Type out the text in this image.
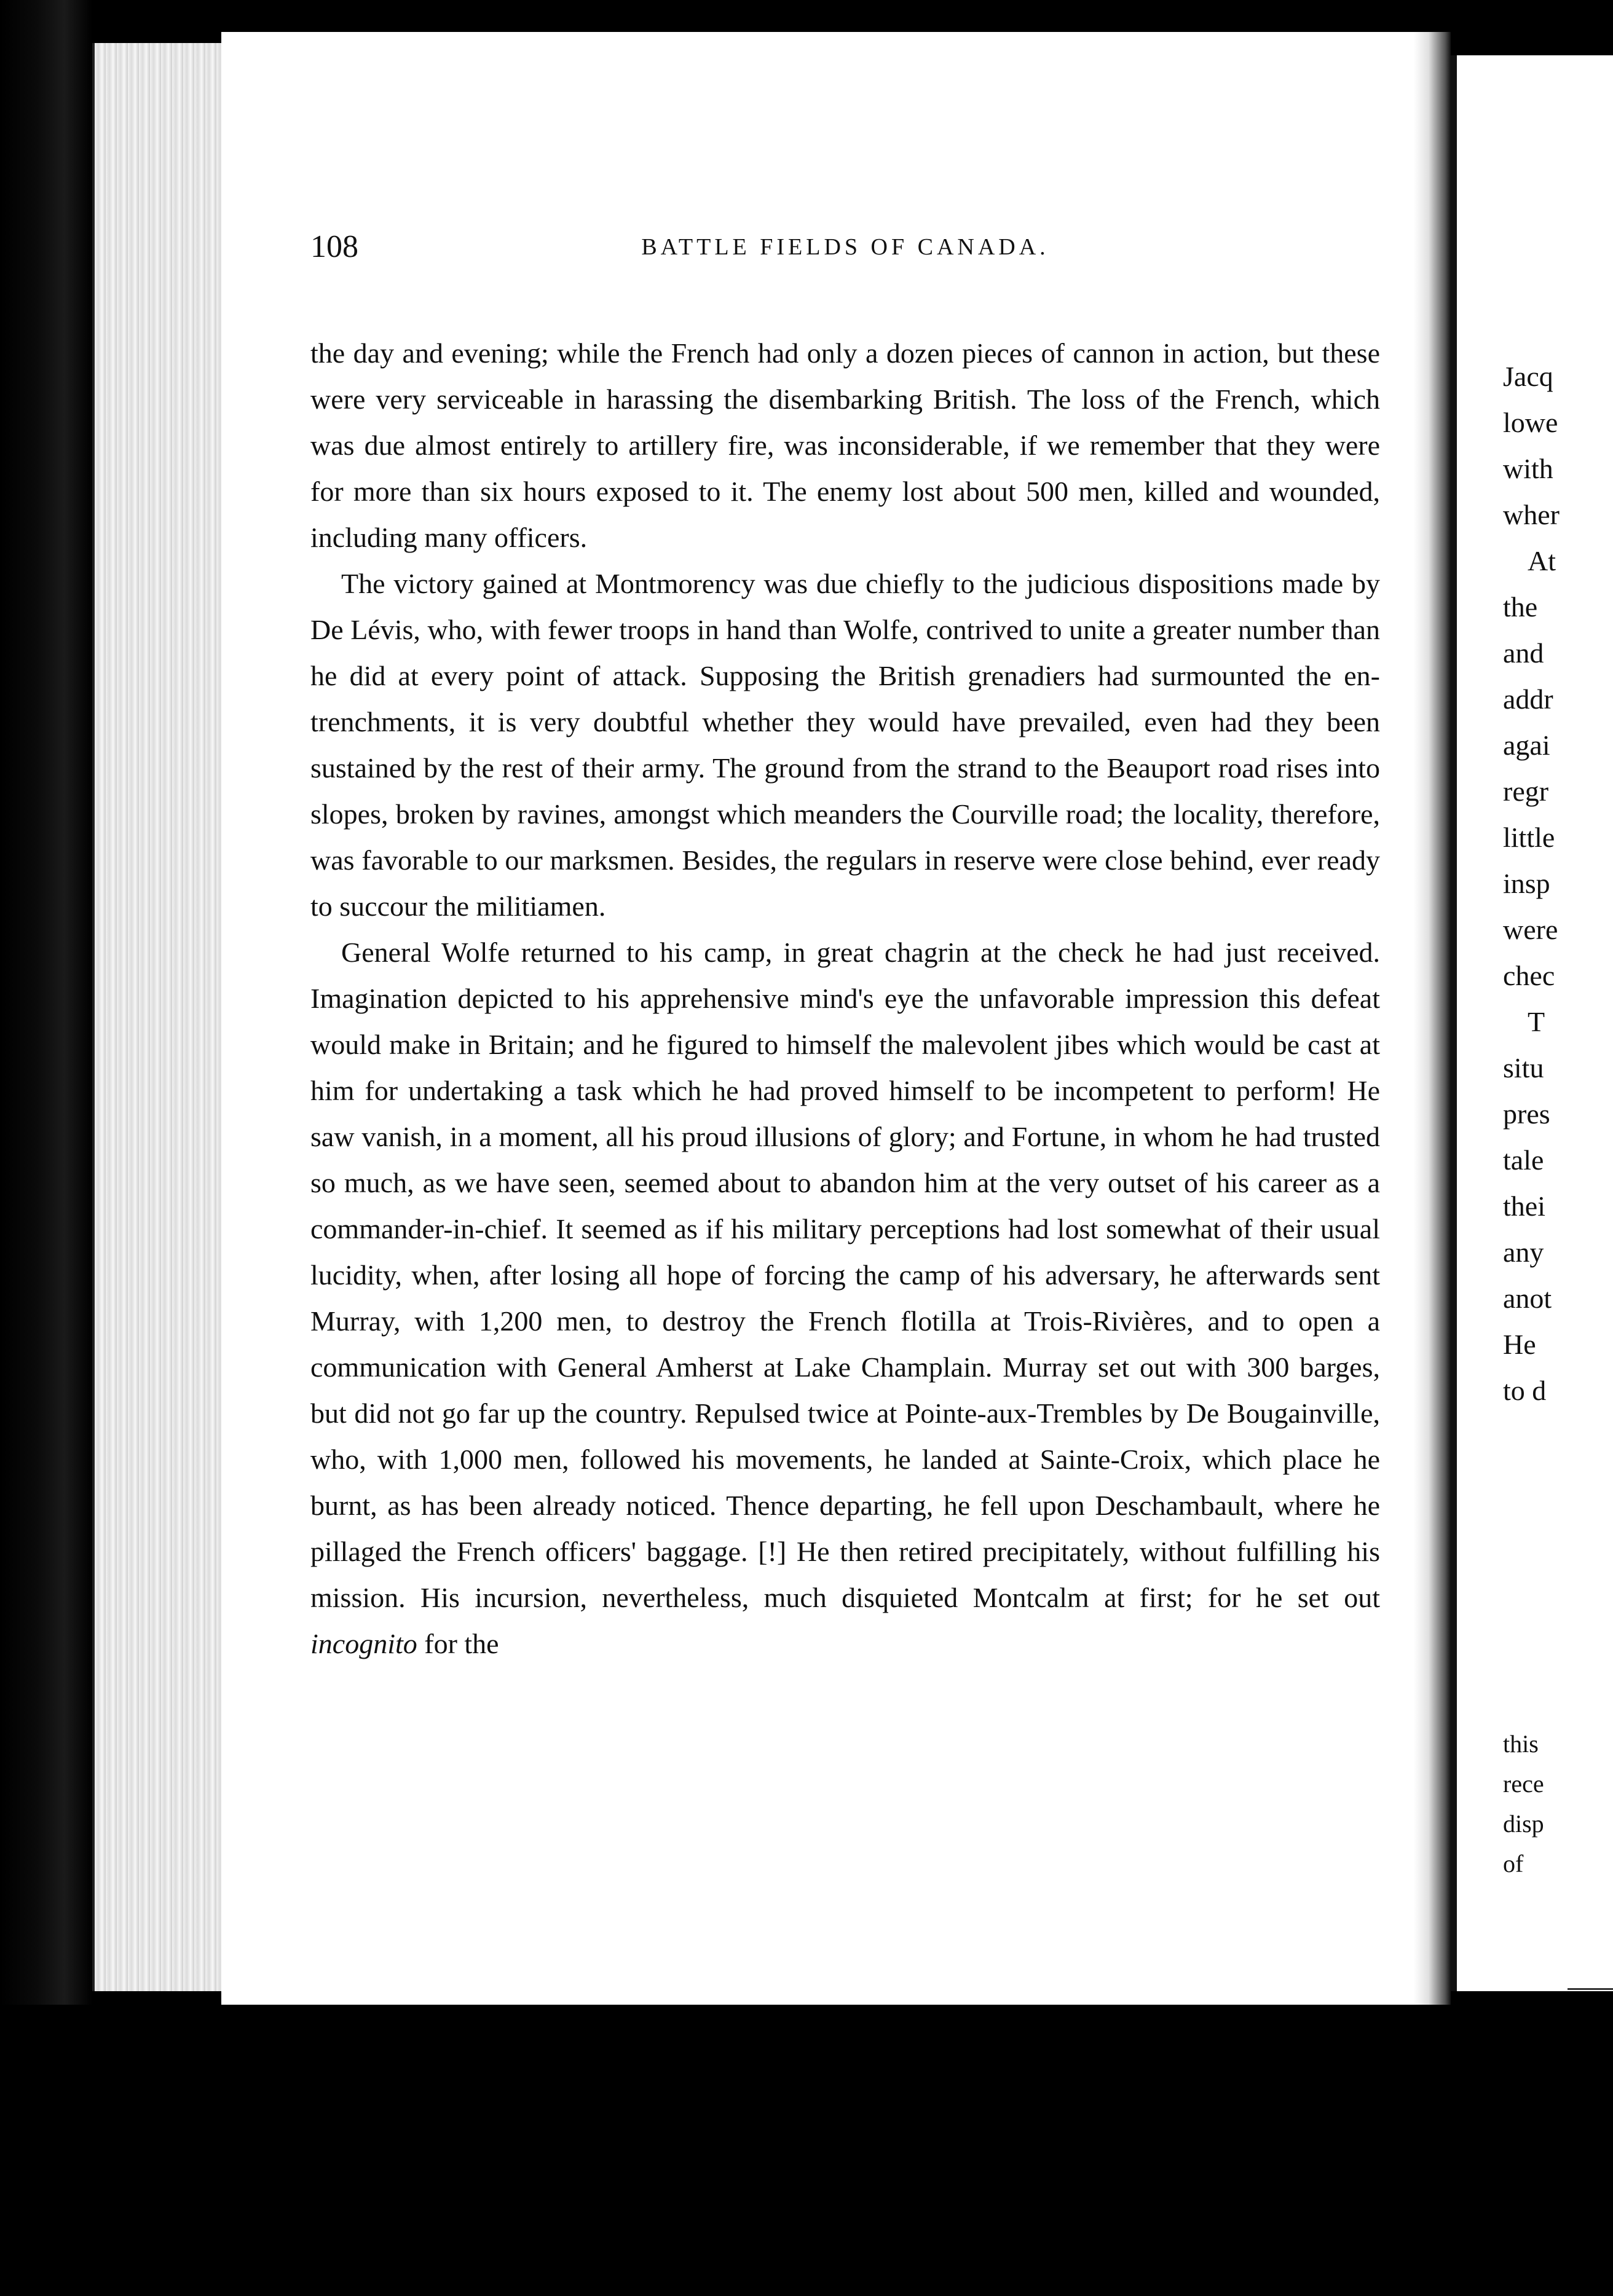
108	BATTLE FIELDS OF CANADA.

the day and evening; while the French had only a dozen pieces of cannon in action, but these were very serviceable in harassing the disembarking British. The loss of the French, which was due almost entirely to artillery fire, was inconsiderable, if we remember that they were for more than six hours exposed to it. The enemy lost about 500 men, killed and wounded, including many officers.

The victory gained at Montmorency was due chiefly to the judicious dispositions made by De Lévis, who, with fewer troops in hand than Wolfe, contrived to unite a greater number than he did at every point of attack. Supposing the British grenadiers had surmounted the entrenchments, it is very doubtful whether they would have prevailed, even had they been sustained by the rest of their army. The ground from the strand to the Beauport road rises into slopes, broken by ravines, amongst which meanders the Courville road; the locality, therefore, was favorable to our marksmen. Besides, the regulars in reserve were close behind, ever ready to succour the militiamen.

General Wolfe returned to his camp, in great chagrin at the check he had just received. Imagination depicted to his apprehensive mind's eye the unfavorable impression this defeat would make in Britain; and he figured to himself the malevolent jibes which would be cast at him for undertaking a task which he had proved himself to be incompetent to perform! He saw vanish, in a moment, all his proud illusions of glory; and Fortune, in whom he had trusted so much, as we have seen, seemed about to abandon him at the very outset of his career as a commander-in-chief. It seemed as if his military perceptions had lost somewhat of their usual lucidity, when, after losing all hope of forcing the camp of his adversary, he afterwards sent Murray, with 1,200 men, to destroy the French flotilla at Trois-Rivières, and to open a communication with General Amherst at Lake Champlain. Murray set out with 300 barges, but did not go far up the country. Repulsed twice at Pointe-aux-Trembles by De Bougainville, who, with 1,000 men, followed his movements, he landed at Sainte-Croix, which place he burnt, as has been already noticed. Thence departing, he fell upon Deschambault, where he pillaged the French officers' baggage. [!] He then retired precipitately, without fulfilling his mission. His incursion, nevertheless, much disquieted Montcalm at first; for he set out incognito for the

Jacq
lowe
with
wher
At
the
and
addr
agai
regr
little
insp
were
chec
T
situ
pres
tale
thei
any
anot
He
to d
this
rece
disp
of
